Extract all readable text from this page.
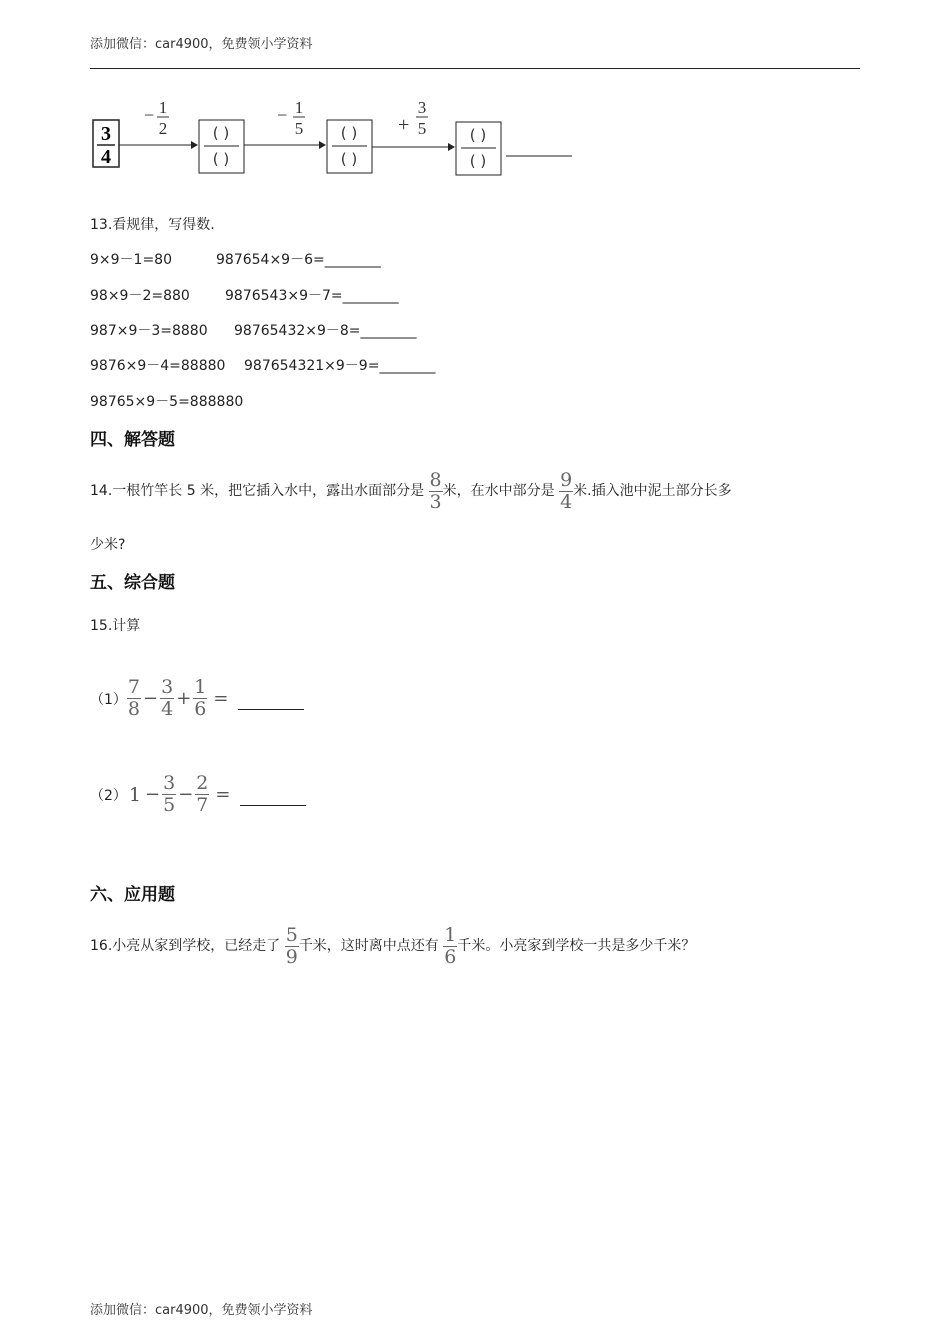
添加微信：car4900，免费领小学资料
3
4
− 1
2	( )
( )
− 1
5	( )
( )
+
3
5	( )
( )
13.看规律，写得数.
9×9－1=80	987654×9－6=________
98×9－2=880	9876543×9－7=________
987×9－3=8880 98765432×9－8=________
9876×9－4=88880 987654321×9－9=________
98765×9－5=888880
四、解答题
14.一根竹竿长 5 米，把它插入水中，露出水面部分是 $\frac{8}{3}$ 米，在水中部分是 $\frac{9}{4}$ 米.插入池中泥土部分长多
少米?
五、综合题
15.计算
$(1) \frac{7}{8} - \frac{3}{4} + \frac{1}{6}$ =
（2） $1 - \frac{3}{5} - \frac{2}{7}$ =
六、应用题
16.小亮从家到学校，已经走了 $\frac{5}{9}$ 千米，这时离中点还有 $\frac{1}{6}$ 千米。小亮家到学校一共是多少千米？
添加微信：car4900，免费领小学资料
